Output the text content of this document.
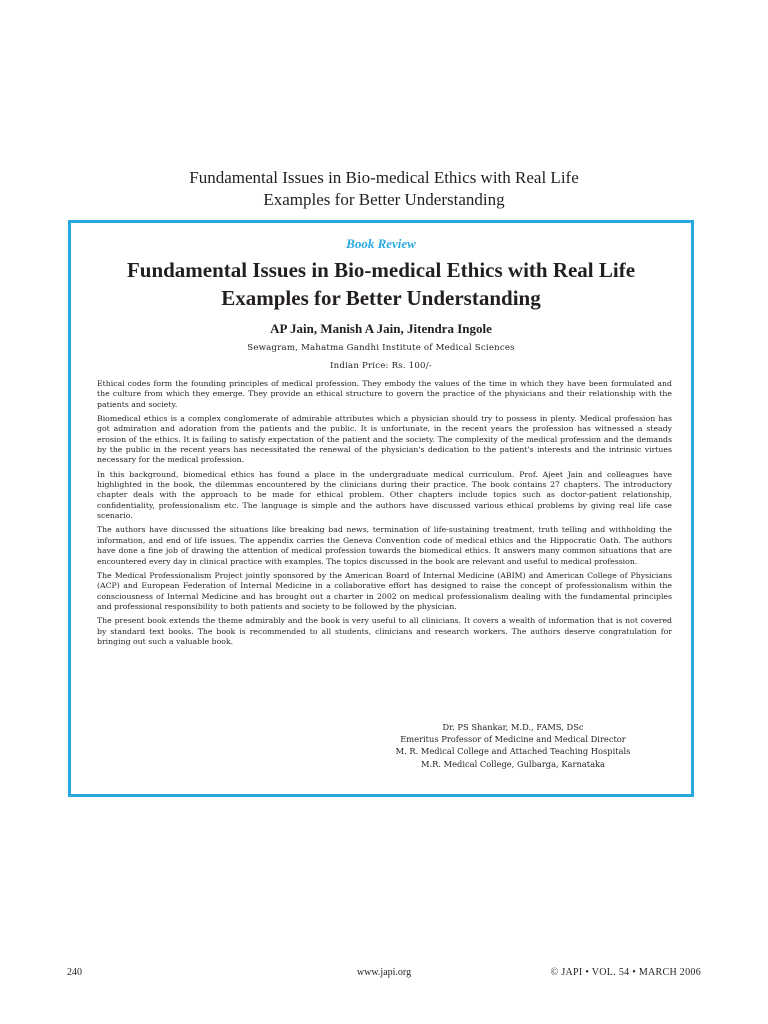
Fundamental Issues in Bio-medical Ethics with Real Life
Examples for Better Understanding
Book Review
Fundamental Issues in Bio-medical Ethics with Real Life
Examples for Better Understanding
AP Jain, Manish A Jain, Jitendra Ingole
Sewagram, Mahatma Gandhi Institute of Medical Sciences
Indian Price: Rs. 100/-

Ethical codes form the founding principles of medical profession. They embody the values of the time in which they have been formulated and the culture from which they emerge. They provide an ethical structure to govern the practice of the physicians and their relationship with the patients and society.

Biomedical ethics is a complex conglomerate of admirable attributes which a physician should try to possess in plenty. Medical profession has got admiration and adoration from the patients and the public. It is unfortunate, in the recent years the profession has witnessed a steady erosion of the ethics. It is failing to satisfy expectation of the patient and the society. The complexity of the medical profession and the demands by the public in the recent years has necessitated the renewal of the physician's dedication to the patient's interests and the intrinsic virtues necessary for the medical profession.

In this background, biomedical ethics has found a place in the undergraduate medical curriculum. Prof. Ajeet Jain and colleagues have highlighted in the book, the dilemmas encountered by the clinicians during their practice. The book contains 27 chapters. The introductory chapter deals with the approach to be made for ethical problem. Other chapters include topics such as doctor-patient relationship, confidentiality, professionalism etc. The language is simple and the authors have discussed various ethical problems by giving real life case scenario.

The authors have discussed the situations like breaking bad news, termination of life-sustaining treatment, truth telling and withholding the information, and end of life issues. The appendix carries the Geneva Convention code of medical ethics and the Hippocratic Oath. The authors have done a fine job of drawing the attention of medical profession towards the biomedical ethics. It answers many common situations that are encountered every day in clinical practice with examples. The topics discussed in the book are relevant and useful to medical profession.

The Medical Professionalism Project jointly sponsored by the American Board of Internal Medicine (ABIM) and American College of Physicians (ACP) and European Federation of Internal Medicine in a collaborative effort has designed to raise the concept of professionalism within the consciousness of Internal Medicine and has brought out a charter in 2002 on medical professionalism dealing with the fundamental principles and professional responsibility to both patients and society to be followed by the physician.

The present book extends the theme admirably and the book is very useful to all clinicians. It covers a wealth of information that is not covered by standard text books. The book is recommended to all students, clinicians and research workers. The authors deserve congratulation for bringing out such a valuable book.

Dr. PS Shankar, M.D., FAMS, DSc
Emeritus Professor of Medicine and Medical Director
M. R. Medical College and Attached Teaching Hospitals
M.R. Medical College, Gulbarga, Karnataka
240	www.japi.org	© JAPI • VOL. 54 • MARCH 2006
